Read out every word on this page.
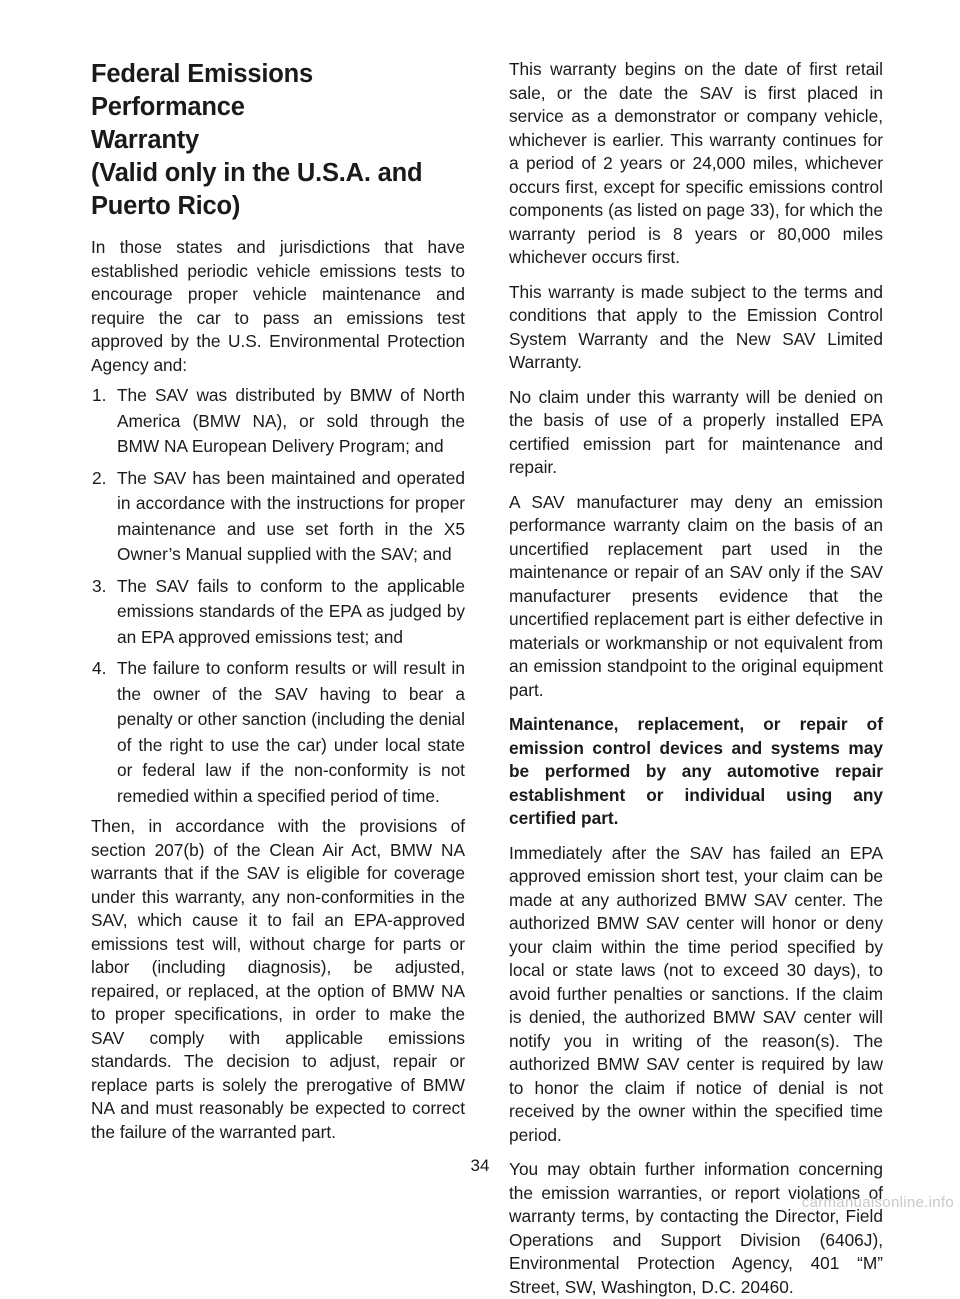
Federal Emissions Performance
Warranty
(Valid only in the U.S.A. and
Puerto Rico)

In those states and jurisdictions that have established periodic vehicle emissions tests to encourage proper vehicle maintenance and require the car to pass an emissions test approved by the U.S. Environmental Protection Agency and:

1. The SAV was distributed by BMW of North America (BMW NA), or sold through the BMW NA European Delivery Program; and
2. The SAV has been maintained and operated in accordance with the instructions for proper maintenance and use set forth in the X5 Owner’s Manual supplied with the SAV; and
3. The SAV fails to conform to the applicable emissions standards of the EPA as judged by an EPA approved emissions test; and
4. The failure to conform results or will result in the owner of the SAV having to bear a penalty or other sanction (including the denial of the right to use the car) under local state or federal law if the non-conformity is not remedied within a specified period of time.

Then, in accordance with the provisions of section 207(b) of the Clean Air Act, BMW NA warrants that if the SAV is eligible for coverage under this warranty, any non-conformities in the SAV, which cause it to fail an EPA-approved emissions test will, without charge for parts or labor (including diagnosis), be adjusted, repaired, or replaced, at the option of BMW NA to proper specifications, in order to make the SAV comply with applicable emissions standards. The decision to adjust, repair or replace parts is solely the prerogative of BMW NA and must reasonably be expected to correct the failure of the warranted part.

This warranty begins on the date of first retail sale, or the date the SAV is first placed in service as a demonstrator or company vehicle, whichever is earlier. This warranty continues for a period of 2 years or 24,000 miles, whichever occurs first, except for specific emissions control components (as listed on page 33), for which the warranty period is 8 years or 80,000 miles whichever occurs first.

This warranty is made subject to the terms and conditions that apply to the Emission Control System Warranty and the New SAV Limited Warranty.

No claim under this warranty will be denied on the basis of use of a properly installed EPA certified emission part for maintenance and repair.

A SAV manufacturer may deny an emission performance warranty claim on the basis of an uncertified replacement part used in the maintenance or repair of an SAV only if the SAV manufacturer presents evidence that the uncertified replacement part is either defective in materials or workmanship or not equivalent from an emission standpoint to the original equipment part.

Maintenance, replacement, or repair of emission control devices and systems may be performed by any automotive repair establishment or individual using any certified part.

Immediately after the SAV has failed an EPA approved emission short test, your claim can be made at any authorized BMW SAV center. The authorized BMW SAV center will honor or deny your claim within the time period specified by local or state laws (not to exceed 30 days), to avoid further penalties or sanctions. If the claim is denied, the authorized BMW SAV center will notify you in writing of the reason(s). The authorized BMW SAV center is required by law to honor the claim if notice of denial is not received by the owner within the specified time period.

You may obtain further information concerning the emission warranties, or report violations of warranty terms, by contacting the Director, Field Operations and Support Division (6406J), Environmental Protection Agency, 401 “M” Street, SW, Washington, D.C. 20460.

34
carmanualsonline.info
